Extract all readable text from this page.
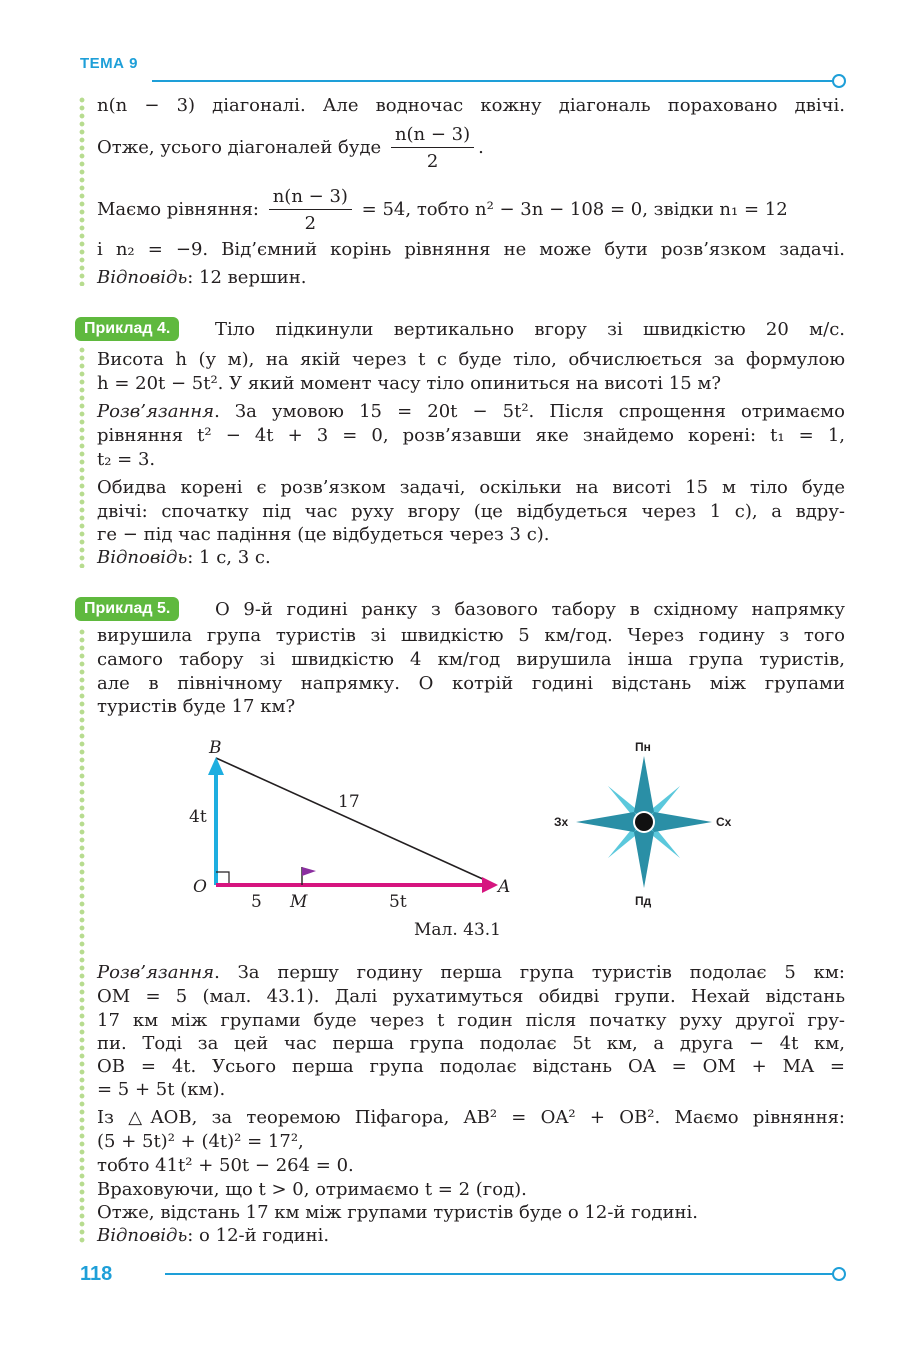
ТЕМА 9
n(n − 3) діагоналі. Але водночас кожну діагональ пораховано двічі.
Отже, усього діагоналей буде $\frac{n(n - 3)}{2}$ .
Маємо рівняння: $\frac{n(n - 3)}{2} = 54$, тобто n² − 3n − 108 = 0, звідки n₁ = 12
і n₂ = −9. Від’ємний корінь рівняння не може бути розв’язком задачі.
Відповідь: 12 вершин.
Приклад 4.	Тіло підкинули вертикально вгору зі швидкістю 20 м/с.
Висота h (у м), на якій через t с буде тіло, обчислюється за формулою
h = 20t − 5t². У який момент часу тіло опиниться на висоті 15 м?
Розв’язання. За умовою 15 = 20t − 5t². Після спрощення отримаємо
рівняння t² − 4t + 3 = 0, розв’язавши яке знайдемо корені: t₁ = 1,
t₂ = 3.
Обидва корені є розв’язком задачі, оскільки на висоті 15 м тіло буде
двічі: спочатку під час руху вгору (це відбудеться через 1 с), а вдру-
ге − під час падіння (це відбудеться через 3 с).
Відповідь: 1 с, 3 с.
Приклад 5.	О 9-й годині ранку з базового табору в східному напрямку
вирушила група туристів зі швидкістю 5 км/год. Через годину з того
самого табору зі швидкістю 4 км/год вирушила інша група туристів,
але в північному напрямку. О котрій годині відстань між групами
туристів буде 17 км?
B
O	A
M
4t
17
5	5t
Пн
Пд
Зх	Сх
Мал. 43.1
Розв’язання. За першу годину перша група туристів подолає 5 км:
OM = 5 (мал. 43.1). Далі рухатимуться обидві групи. Нехай відстань
17 км між групами буде через t годин після початку руху другої гру-
пи. Тоді за цей час перша група подолає 5t км, а друга − 4t км,
OB = 4t. Усього перша група подолає відстань OA = OM + MA =
= 5 + 5t (км).
Із △AOB, за теоремою Піфагора, AB² = OA² + OB². Маємо рівняння:
(5 + 5t)² + (4t)² = 17²,
тобто 41t² + 50t − 264 = 0.
Враховуючи, що t > 0, отримаємо t = 2 (год).
Отже, відстань 17 км між групами туристів буде о 12-й годині.
Відповідь: о 12-й годині.
118
